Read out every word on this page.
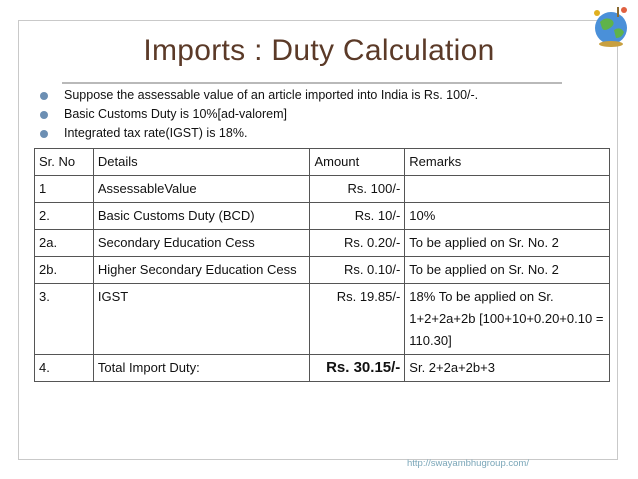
Imports : Duty Calculation
Suppose the assessable value of an article imported into India is Rs. 100/-.
Basic Customs Duty is 10%[ad-valorem]
Integrated tax rate(IGST) is 18%.
Sr. No	Details	Amount	Remarks
1	AssessableValue	Rs. 100/-	
2.	Basic Customs Duty (BCD)	Rs. 10/-	10%
2a.	Secondary Education Cess	Rs. 0.20/-	To be applied on Sr. No. 2
2b.	Higher Secondary Education Cess	Rs. 0.10/-	To be applied on Sr. No. 2
3.	IGST	Rs. 19.85/-	18% To be applied on Sr. 1+2+2a+2b [100+10+0.20+0.10 = 110.30]
4.	Total Import Duty:	Rs. 30.15/-	Sr. 2+2a+2b+3
http://swayambhugroup.com/
